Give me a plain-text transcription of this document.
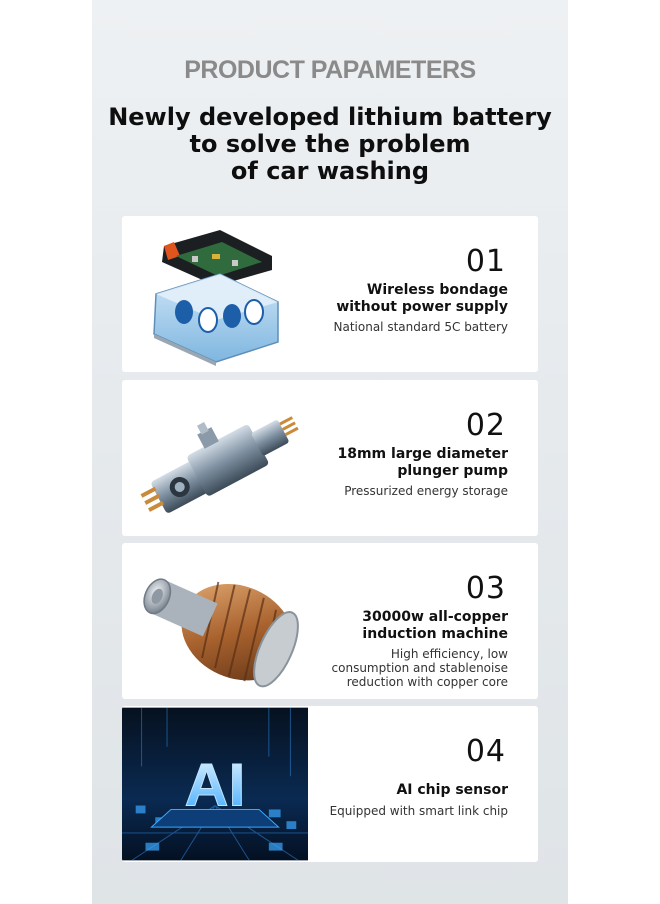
PRODUCT PAPAMETERS
Newly developed lithium battery
to solve the problem
of car washing
01
Wireless bondage
without power supply
National standard 5C battery
02
18mm large diameter
plunger pump
Pressurized energy storage
03
30000w all-copper
induction machine
High efficiency, low
consumption and stablenoise
reduction with copper core
AI	04
AI chip sensor
Equipped with smart link chip
